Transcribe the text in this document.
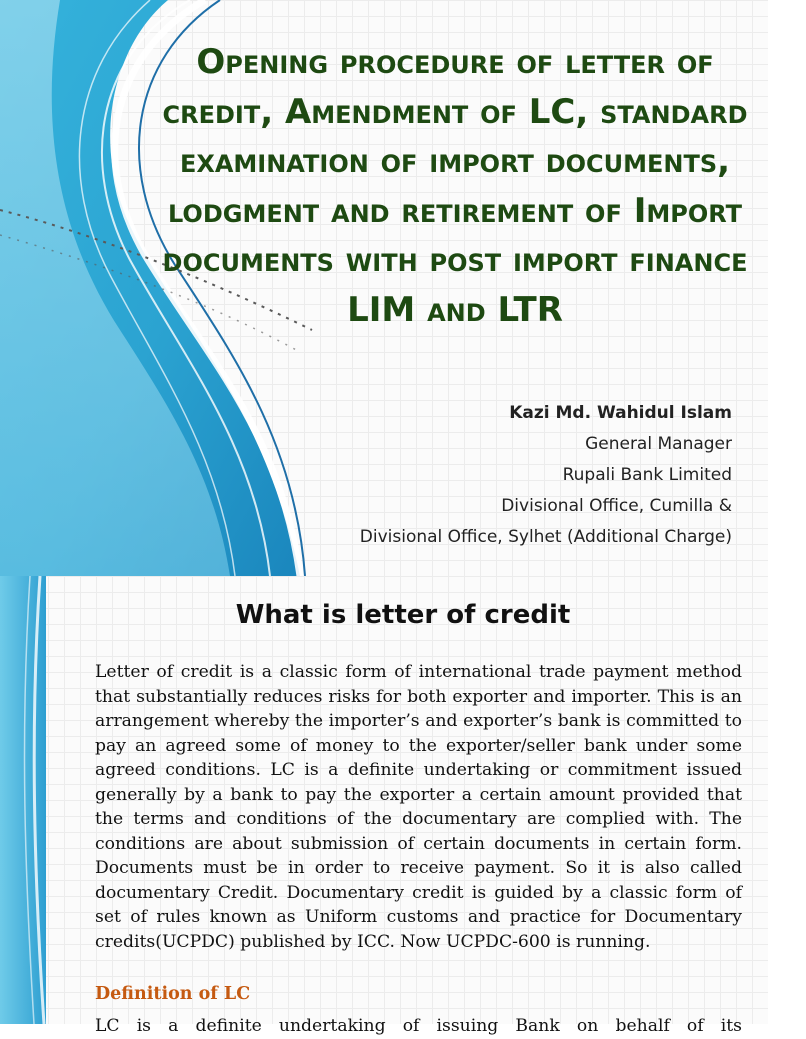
Opening procedure of letter of credit, Amendment of LC, standard examination of import documents, lodgment and retirement of Import documents with post import finance LIM and LTR
Kazi Md. Wahidul Islam
General Manager
Rupali Bank Limited
Divisional Office, Cumilla &
Divisional Office, Sylhet (Additional Charge)
What is letter of credit

Letter of credit is a classic form of international trade payment method that substantially reduces risks for both exporter and importer. This is an arrangement whereby the importer’s and exporter’s bank is committed to pay an agreed some of money to the exporter/seller bank under some agreed conditions. LC is a definite undertaking or commitment issued generally by a bank to pay the exporter a certain amount provided that the terms and conditions of the documentary are complied with. The conditions are about submission of certain documents in certain form. Documents must be in order to receive payment. So it is also called documentary Credit. Documentary credit is guided by a classic form of set of rules known as Uniform customs and practice for Documentary credits(UCPDC) published by ICC. Now UCPDC-600 is running.

Definition of LC

LC is a definite undertaking of issuing Bank on behalf of its
